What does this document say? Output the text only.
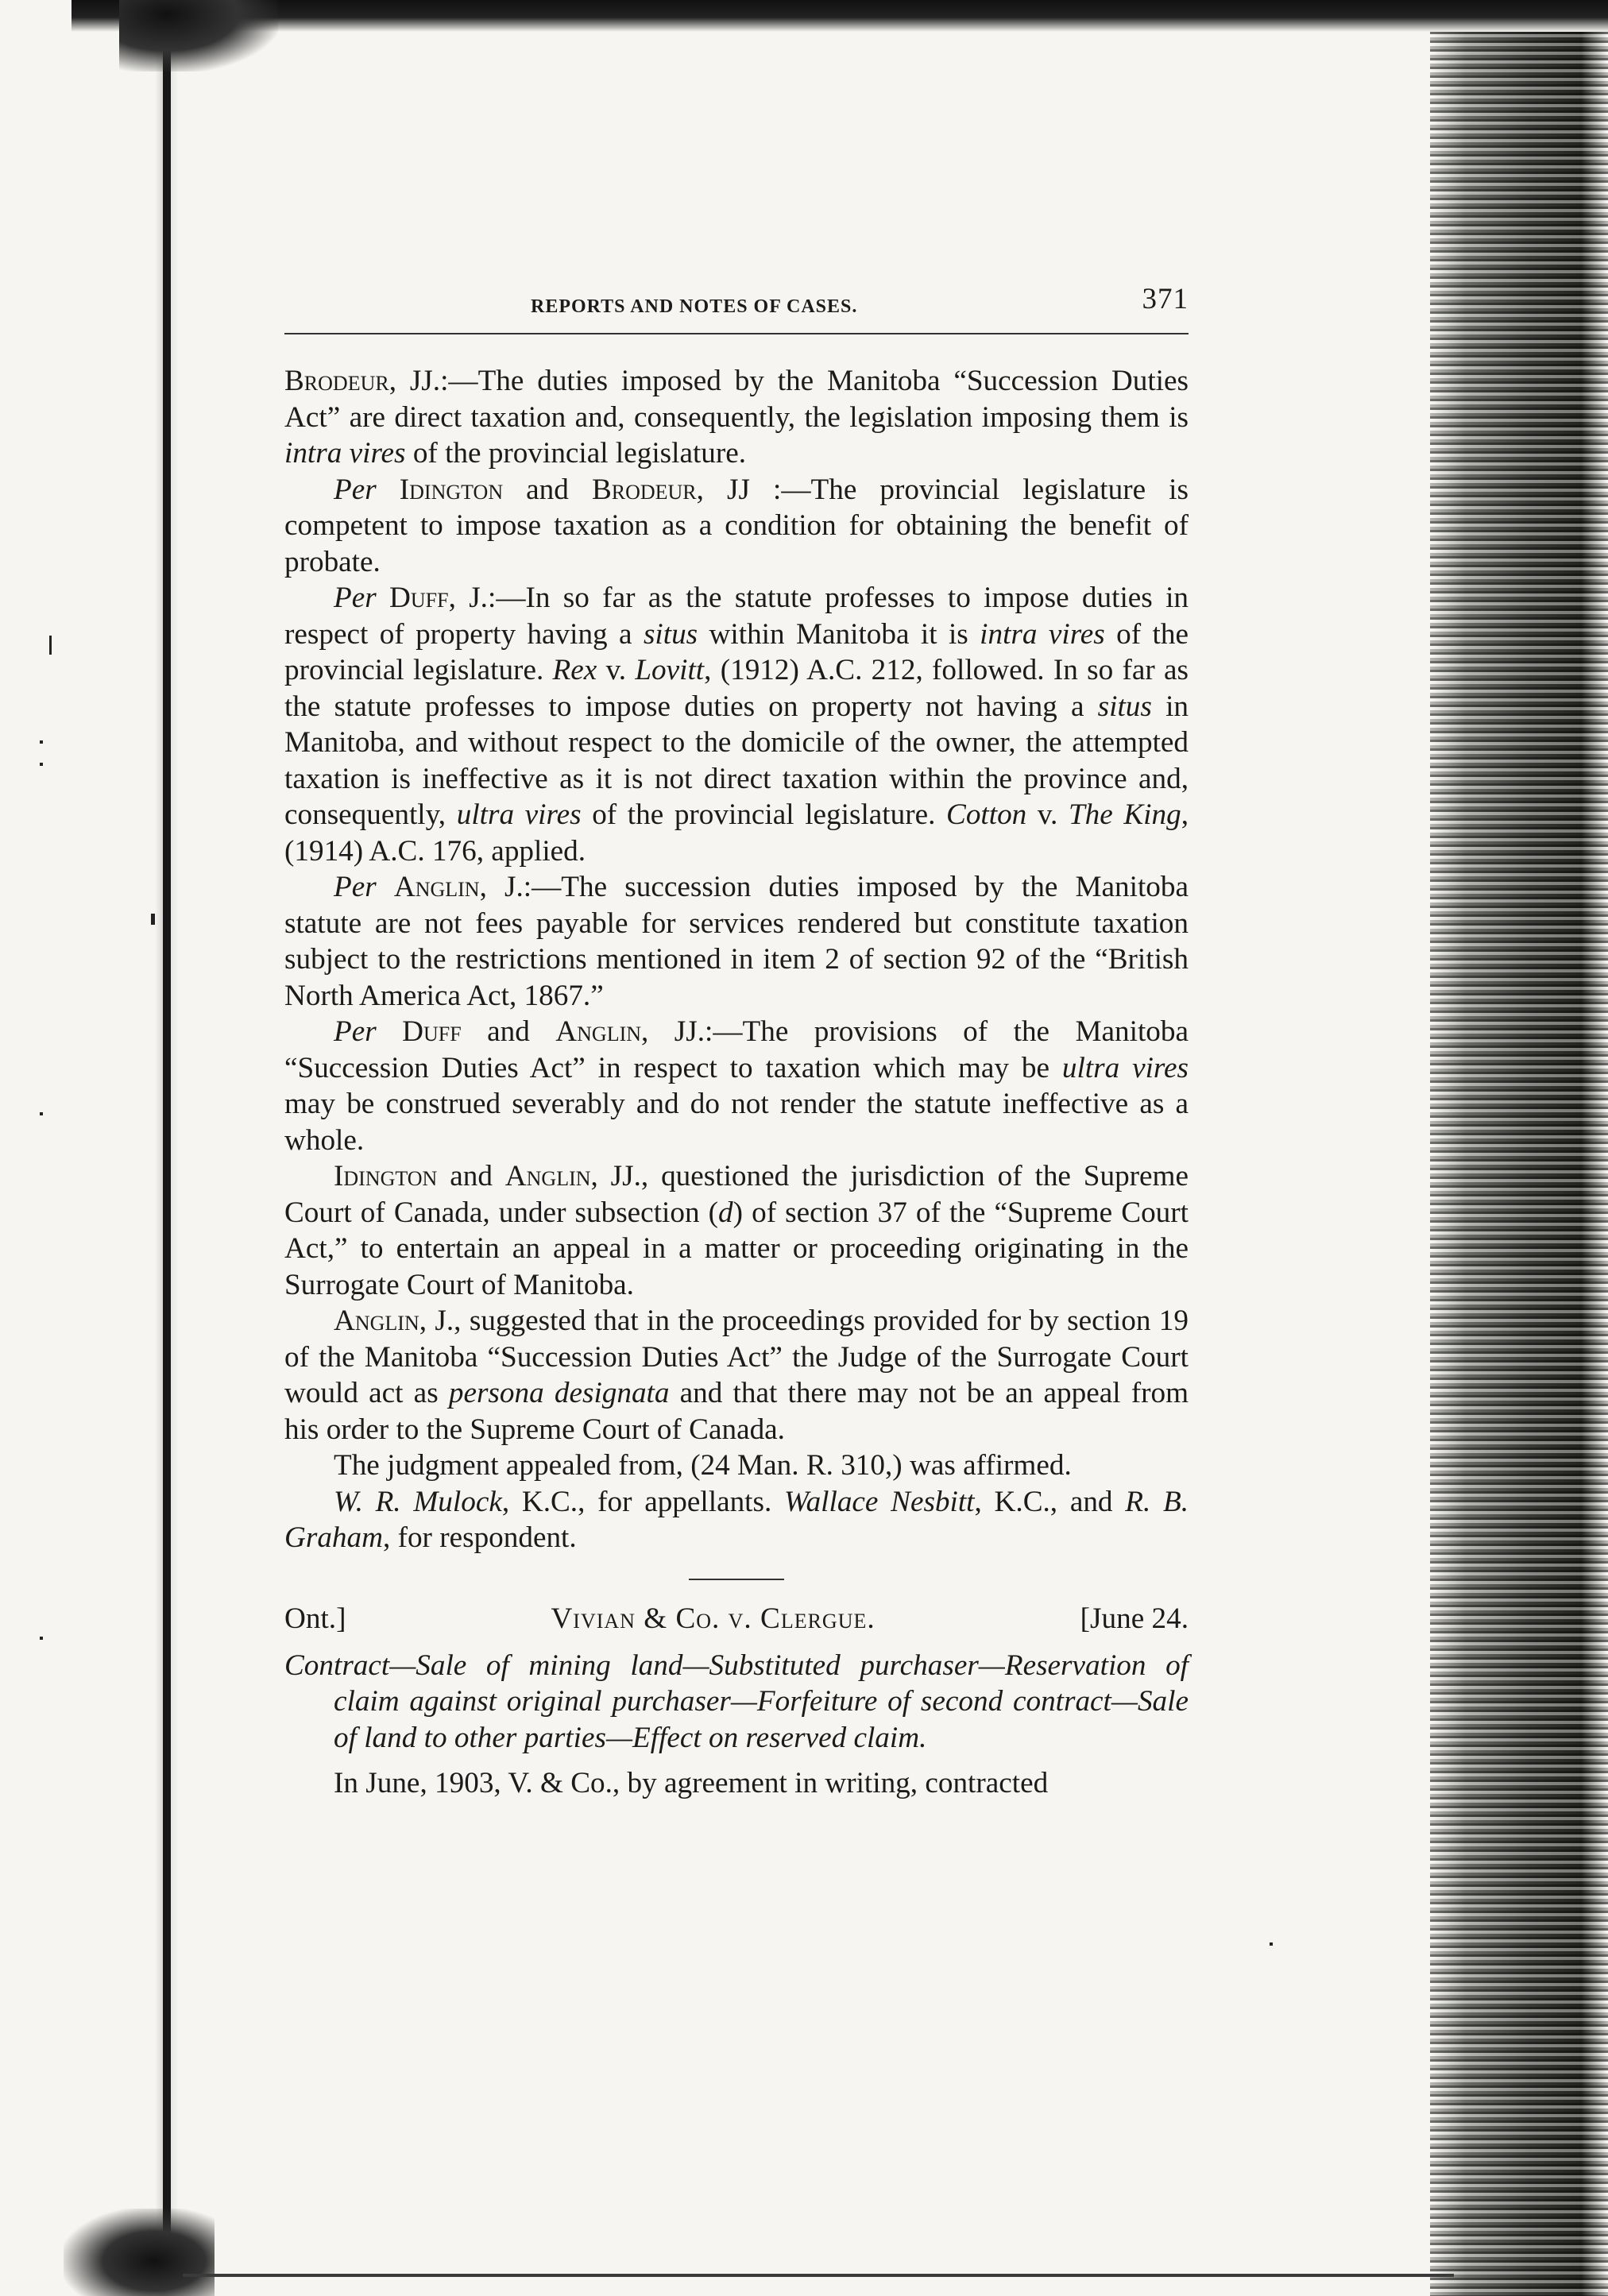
REPORTS AND NOTES OF CASES.	371

Brodeur, JJ.:—The duties imposed by the Manitoba “Succession Duties Act” are direct taxation and, consequently, the legislation imposing them is intra vires of the provincial legislature.

Per Idington and Brodeur, JJ :—The provincial legislature is competent to impose taxation as a condition for obtaining the benefit of probate.

Per Duff, J.:—In so far as the statute professes to impose duties in respect of property having a situs within Manitoba it is intra vires of the provincial legislature. Rex v. Lovitt, (1912) A.C. 212, followed. In so far as the statute professes to impose duties on property not having a situs in Manitoba, and without respect to the domicile of the owner, the attempted taxation is ineffective as it is not direct taxation within the province and, consequently, ultra vires of the provincial legislature. Cotton v. The King, (1914) A.C. 176, applied.

Per Anglin, J.:—The succession duties imposed by the Manitoba statute are not fees payable for services rendered but constitute taxation subject to the restrictions mentioned in item 2 of section 92 of the “British North America Act, 1867.”

Per Duff and Anglin, JJ.:—The provisions of the Manitoba “Succession Duties Act” in respect to taxation which may be ultra vires may be construed severably and do not render the statute ineffective as a whole.

Idington and Anglin, JJ., questioned the jurisdiction of the Supreme Court of Canada, under subsection (d) of section 37 of the “Supreme Court Act,” to entertain an appeal in a matter or proceeding originating in the Surrogate Court of Manitoba.

Anglin, J., suggested that in the proceedings provided for by section 19 of the Manitoba “Succession Duties Act” the Judge of the Surrogate Court would act as persona designata and that there may not be an appeal from his order to the Supreme Court of Canada.

The judgment appealed from, (24 Man. R. 310,) was affirmed.

W. R. Mulock, K.C., for appellants. Wallace Nesbitt, K.C., and R. B. Graham, for respondent.

Ont.]	Vivian & Co. v. Clergue.	[June 24.

Contract—Sale of mining land—Substituted purchaser—Reservation of claim against original purchaser—Forfeiture of second contract—Sale of land to other parties—Effect on reserved claim.

In June, 1903, V. & Co., by agreement in writing, contracted
